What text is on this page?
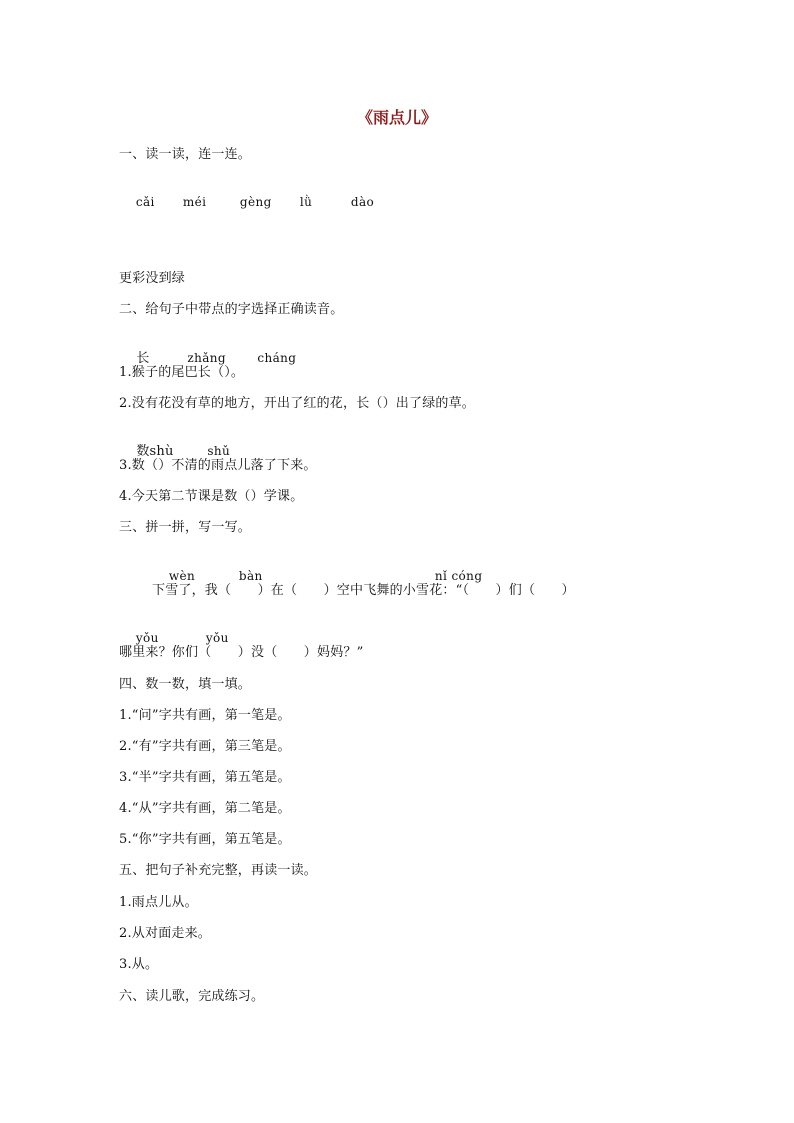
《雨点儿》
一、读一读，连一连。

cǎi méi	gèng lǜ	dào

更彩没到绿
二、给句子中带点的字选择正确读音。

长	zhǎng	cháng

1.猴子的尾巴长（）。
2.没有花没有草的地方，开出了红的花，长（）出了绿的草。

数shù	shǔ

3.数（）不清的雨点儿落了下来。
4.今天第二节课是数（）学课。
三、拼一拼，写一写。

wèn	bàn	nǐ cóng

下雪了，我（　　）在（　　）空中飞舞的小雪花：“（　　）们（　　）

yǒu	yǒu

哪里来？你们（　　）没（　　）妈妈？”
四、数一数，填一填。
1.“问”字共有画，第一笔是。
2.“有”字共有画，第三笔是。
3.“半”字共有画，第五笔是。
4.“从”字共有画，第二笔是。
5.“你”字共有画，第五笔是。
五、把句子补充完整，再读一读。
1.雨点儿从。
2.从对面走来。
3.从。
六、读儿歌，完成练习。
